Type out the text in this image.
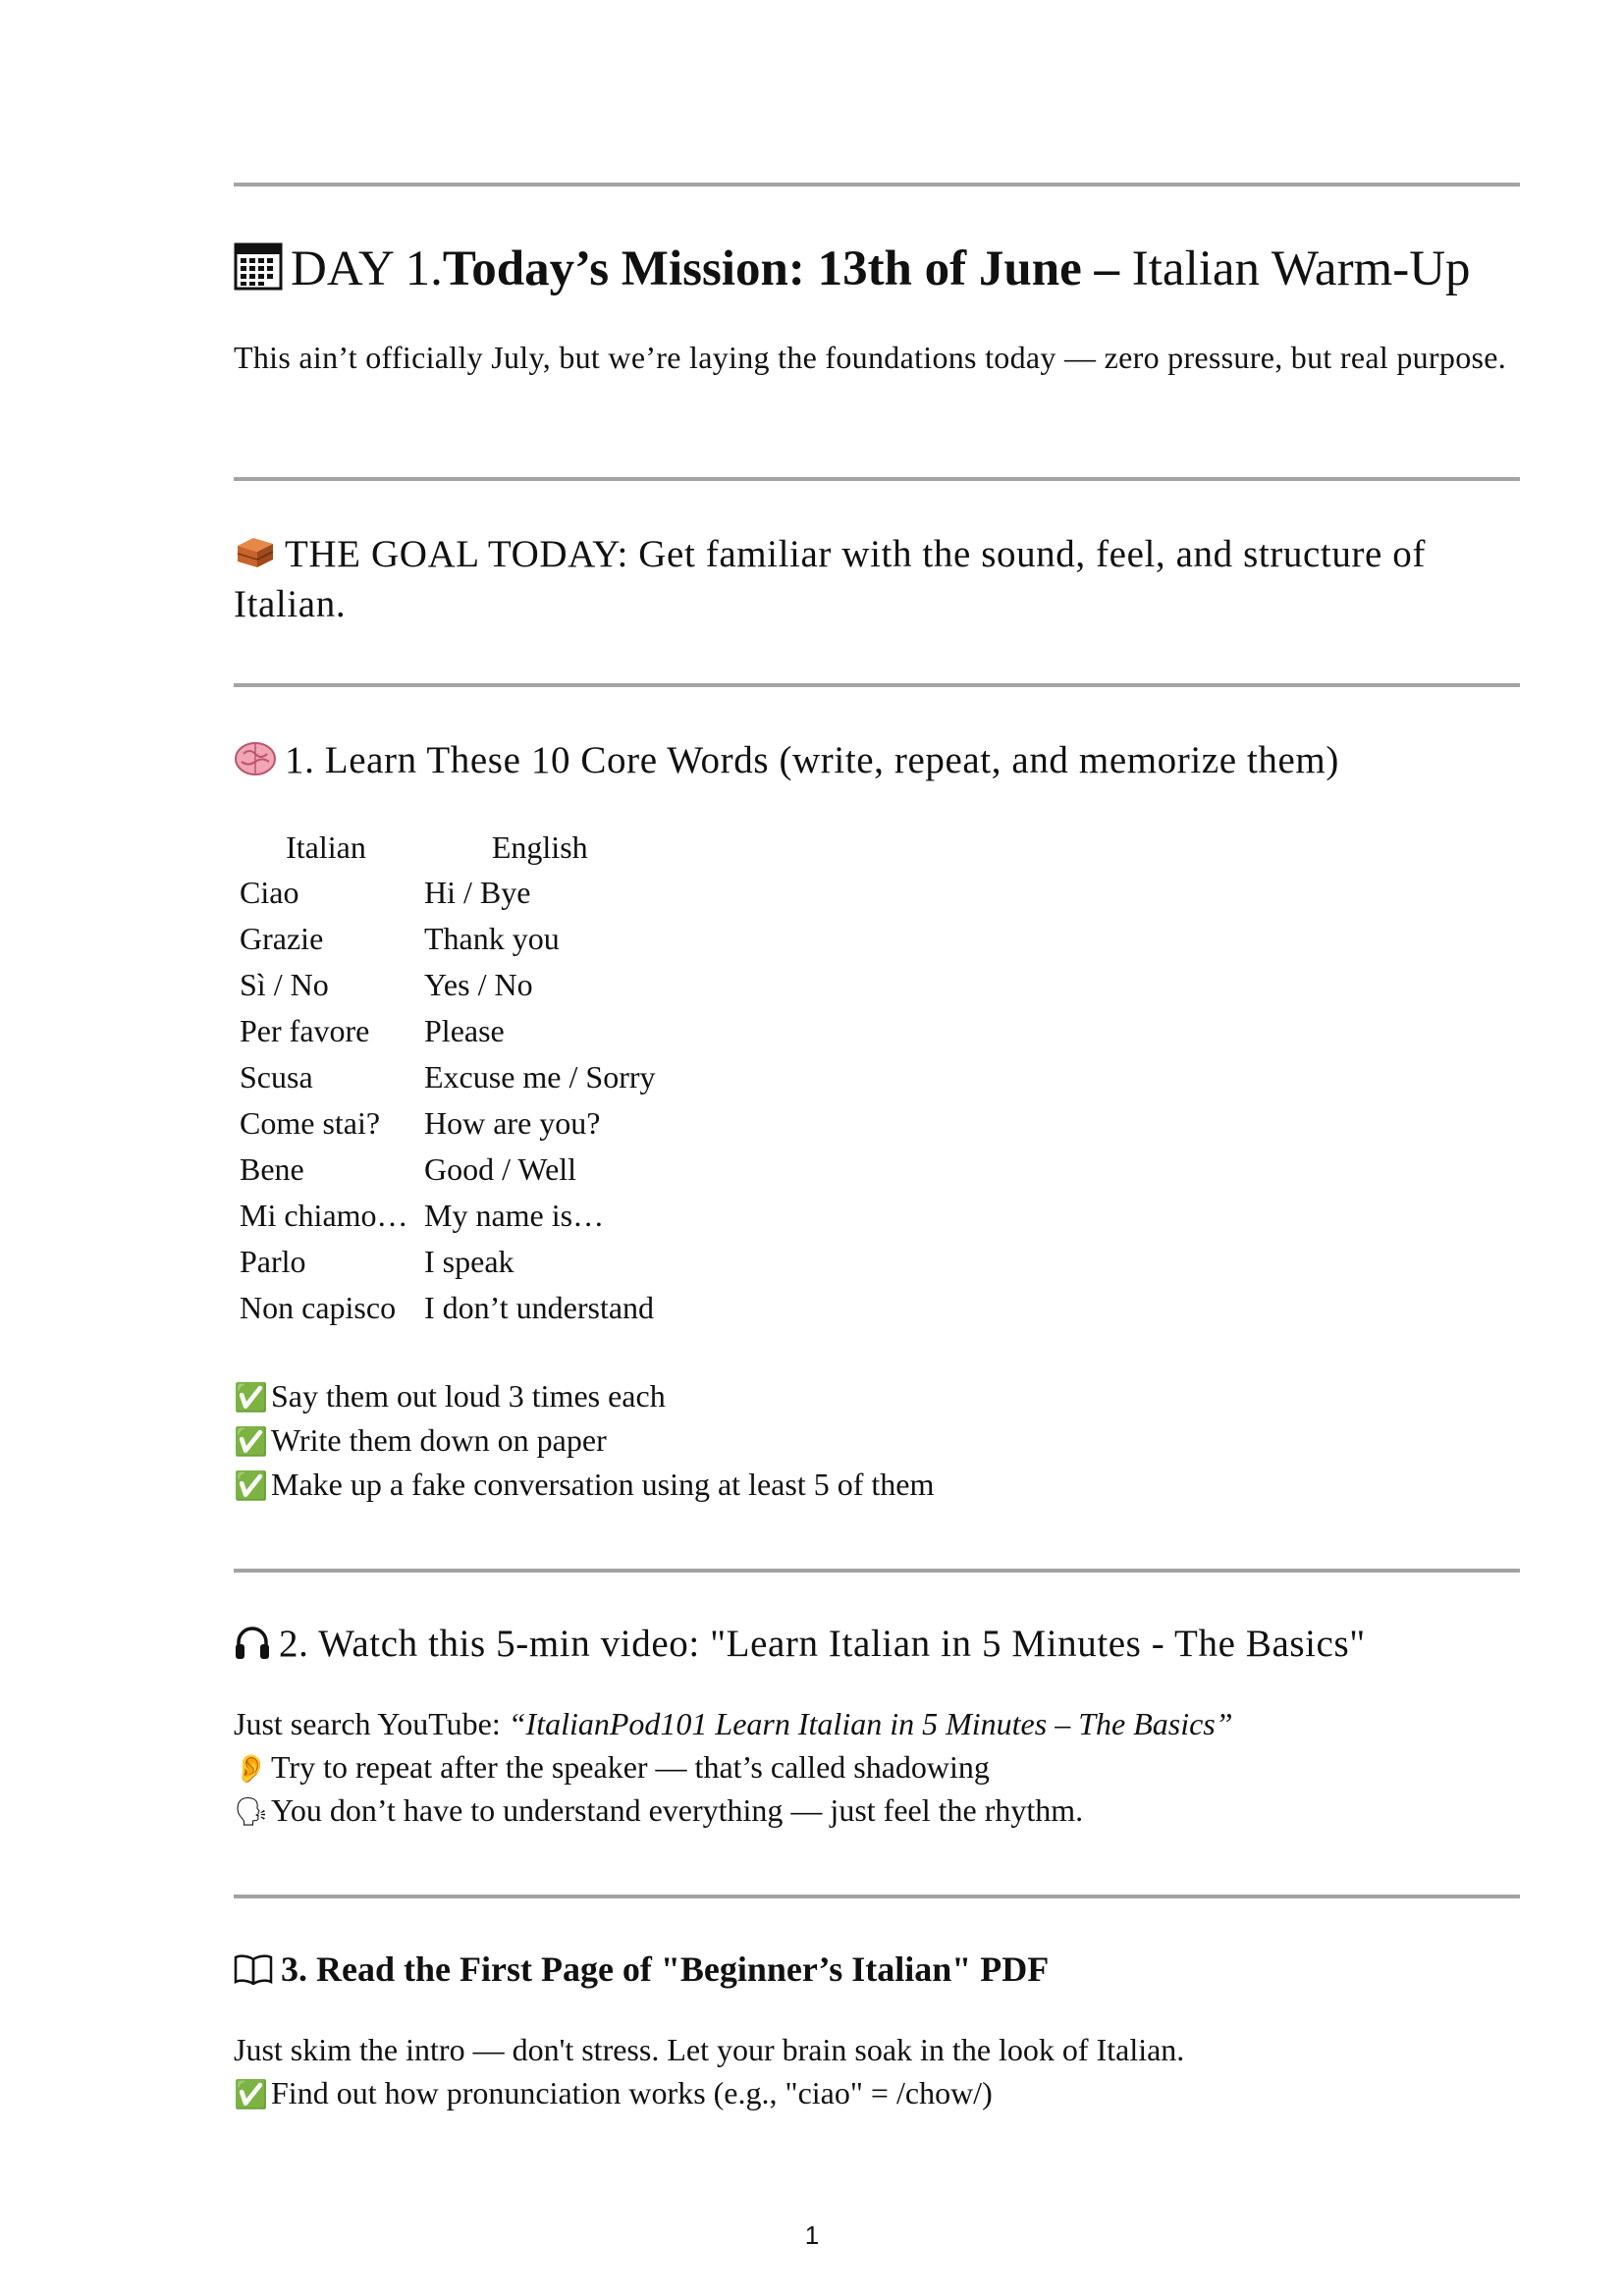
DAY 1.Today’s Mission: 13th of June – Italian Warm-Up
This ain’t officially July, but we’re laying the foundations today — zero pressure, but real purpose.
THE GOAL TODAY: Get familiar with the sound, feel, and structure of Italian.
1. Learn These 10 Core Words (write, repeat, and memorize them)
Italian	English
Ciao	Hi / Bye
Grazie	Thank you
Sì / No	Yes / No
Per favore	Please
Scusa	Excuse me / Sorry
Come stai?	How are you?
Bene	Good / Well
Mi chiamo…	My name is…
Parlo	I speak
Non capisco	I don’t understand
✅Say them out loud 3 times each
✅Write them down on paper
✅Make up a fake conversation using at least 5 of them
2. Watch this 5-min video: "Learn Italian in 5 Minutes - The Basics"
Just search YouTube: “ItalianPod101 Learn Italian in 5 Minutes – The Basics”
👂Try to repeat after the speaker — that’s called shadowing
🗣You don’t have to understand everything — just feel the rhythm.
3. Read the First Page of "Beginner’s Italian" PDF
Just skim the intro — don't stress. Let your brain soak in the look of Italian.
✅Find out how pronunciation works (e.g., "ciao" = /chow/)
1
